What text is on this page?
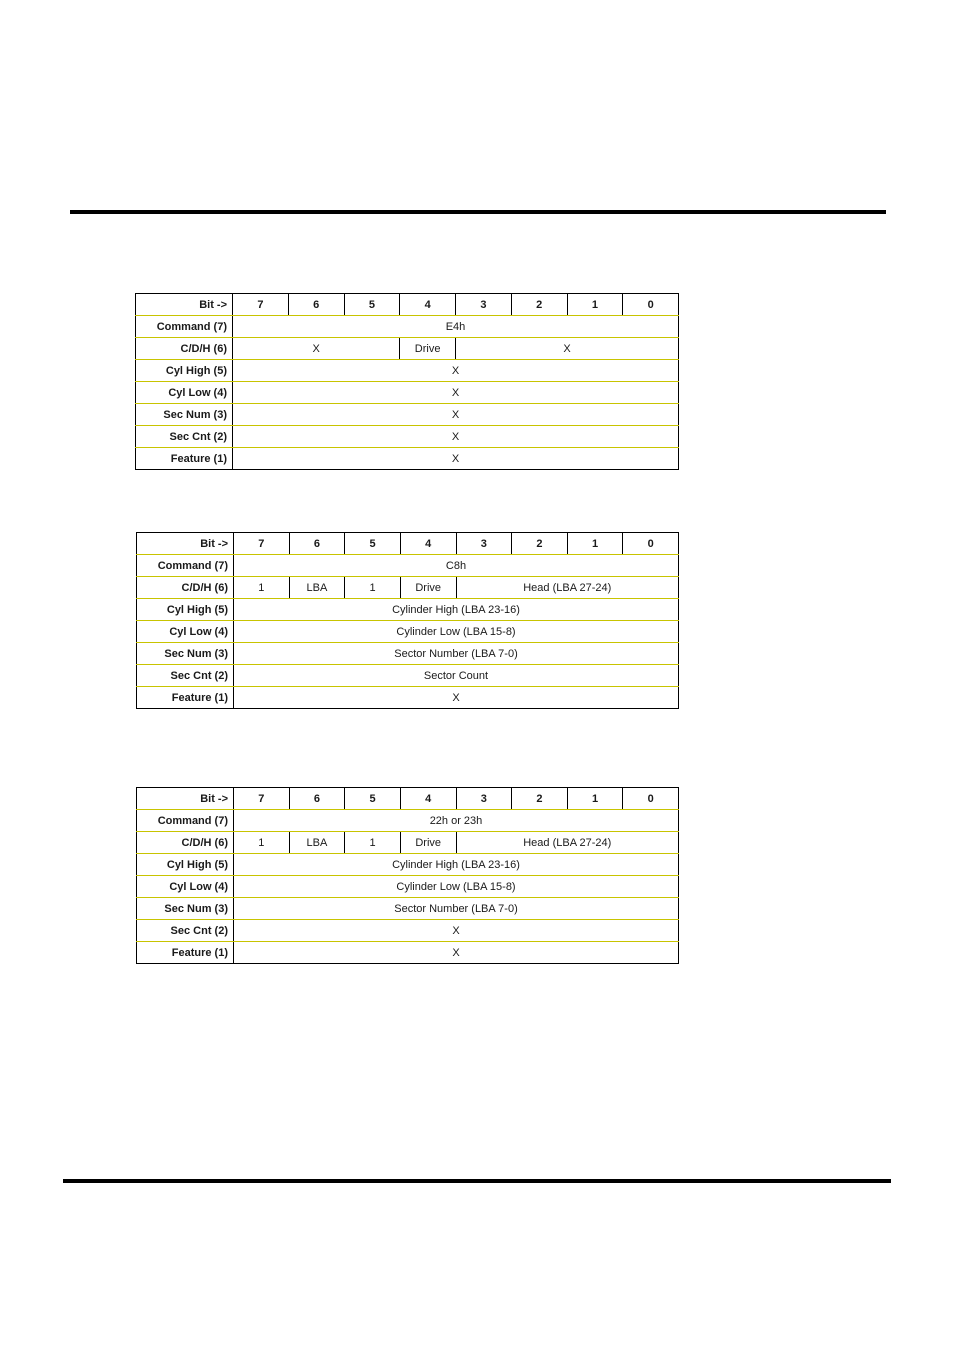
Bit ->	7	6	5	4	3	2	1	0
Command (7)	E4h							
C/D/H (6)	X			Drive	X			
Cyl High (5)	X							
Cyl Low (4)	X							
Sec Num (3)	X							
Sec Cnt (2)	X							
Feature (1)	X							
Bit ->	7	6	5	4	3	2	1	0
Command (7)	C8h							
C/D/H (6)	1	LBA	1	Drive	Head (LBA 27-24)			
Cyl High (5)	Cylinder High (LBA 23-16)							
Cyl Low (4)	Cylinder Low (LBA 15-8)							
Sec Num (3)	Sector Number (LBA 7-0)							
Sec Cnt (2)	Sector Count							
Feature (1)	X							
Bit ->	7	6	5	4	3	2	1	0
Command (7)	22h or 23h							
C/D/H (6)	1	LBA	1	Drive	Head (LBA 27-24)			
Cyl High (5)	Cylinder High (LBA 23-16)							
Cyl Low (4)	Cylinder Low (LBA 15-8)							
Sec Num (3)	Sector Number (LBA 7-0)							
Sec Cnt (2)	X							
Feature (1)	X							
